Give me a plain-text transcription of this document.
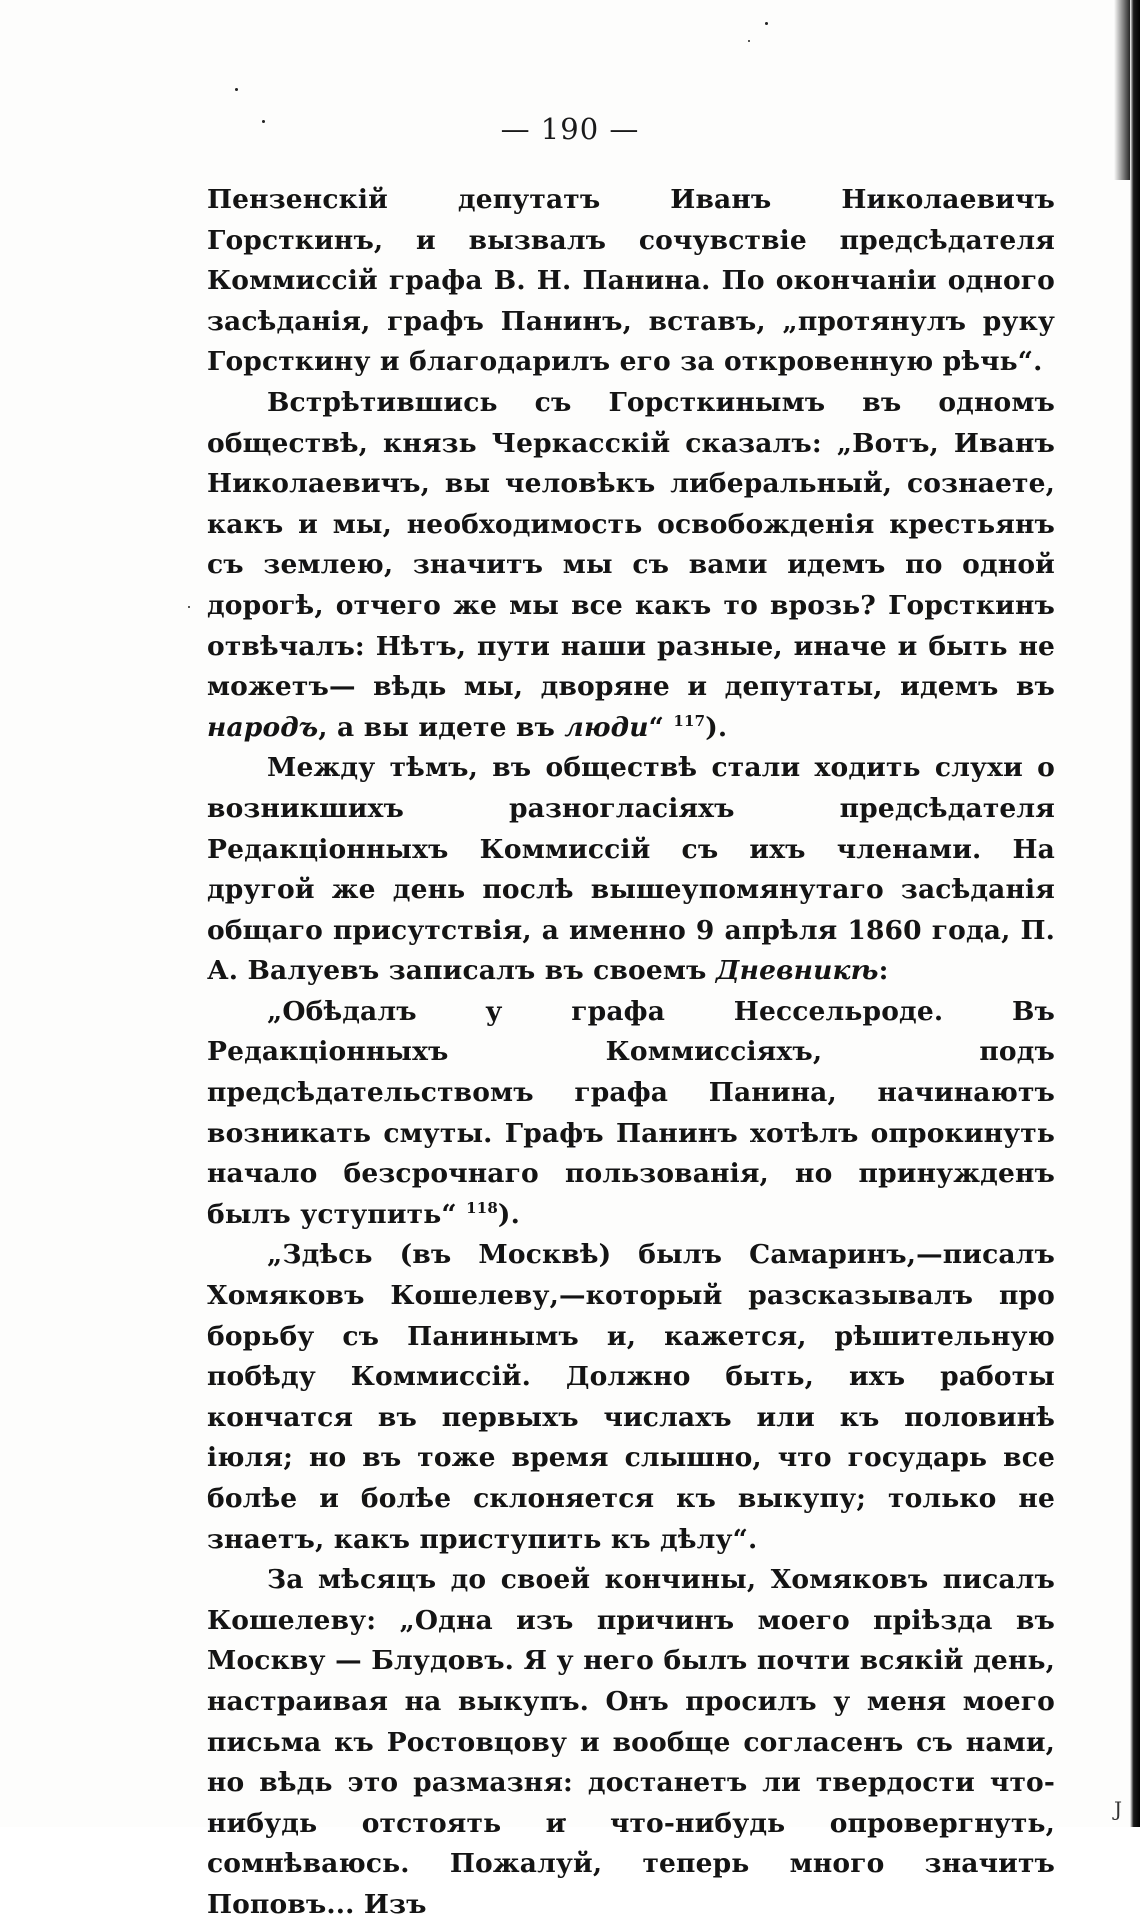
— 190 —

Пензенскій депутатъ Иванъ Николаевичъ Горсткинъ, и вызвалъ сочувствіе предсѣдателя Коммиссій графа В. Н. Панина. По окончаніи одного засѣданія, графъ Панинъ, вставъ, „протянулъ руку Горсткину и благодарилъ его за откровенную рѣчь“.

Встрѣтившись съ Горсткинымъ въ одномъ обществѣ, князь Черкасскій сказалъ: „Вотъ, Иванъ Николаевичъ, вы человѣкъ либеральный, сознаете, какъ и мы, необходимость освобожденія крестьянъ съ землею, значитъ мы съ вами идемъ по одной дорогѣ, отчего же мы все какъ то врозь? Горсткинъ отвѣчалъ: Нѣтъ, пути наши разные, иначе и быть не можетъ— вѣдь мы, дворяне и депутаты, идемъ въ народъ, а вы идете въ люди“ $^{117}$).

Между тѣмъ, въ обществѣ стали ходить слухи о возникшихъ разногласіяхъ предсѣдателя Редакціонныхъ Коммиссій съ ихъ членами. На другой же день послѣ вышеупомянутаго засѣданія общаго присутствія, а именно 9 апрѣля 1860 года, П. А. Валуевъ записалъ въ своемъ Дневникѣ:

„Обѣдалъ у графа Нессельроде. Въ Редакціонныхъ Коммиссіяхъ, подъ предсѣдательствомъ графа Панина, начинаютъ возникать смуты. Графъ Панинъ хотѣлъ опрокинуть начало безсрочнаго пользованія, но принужденъ былъ уступить“ $^{118}$).

„Здѣсь (въ Москвѣ) былъ Самаринъ,—писалъ Хомяковъ Кошелеву,—который разсказывалъ про борьбу съ Панинымъ и, кажется, рѣшительную побѣду Коммиссій. Должно быть, ихъ работы кончатся въ первыхъ числахъ или къ половинѣ іюля; но въ тоже время слышно, что государь все болѣе и болѣе склоняется къ выкупу; только не знаетъ, какъ приступить къ дѣлу“.

За мѣсяцъ до своей кончины, Хомяковъ писалъ Кошелеву: „Одна изъ причинъ моего пріѣзда въ Москву — Блудовъ. Я у него былъ почти всякій день, настраивая на выкупъ. Онъ просилъ у меня моего письма къ Ростовцову и вообще согласенъ съ нами, но вѣдь это размазня: достанетъ ли твердости что-нибудь отстоять и что-нибудь опровергнуть, сомнѣваюсь. Пожалуй, теперь много значитъ Поповъ... Изъ

J
